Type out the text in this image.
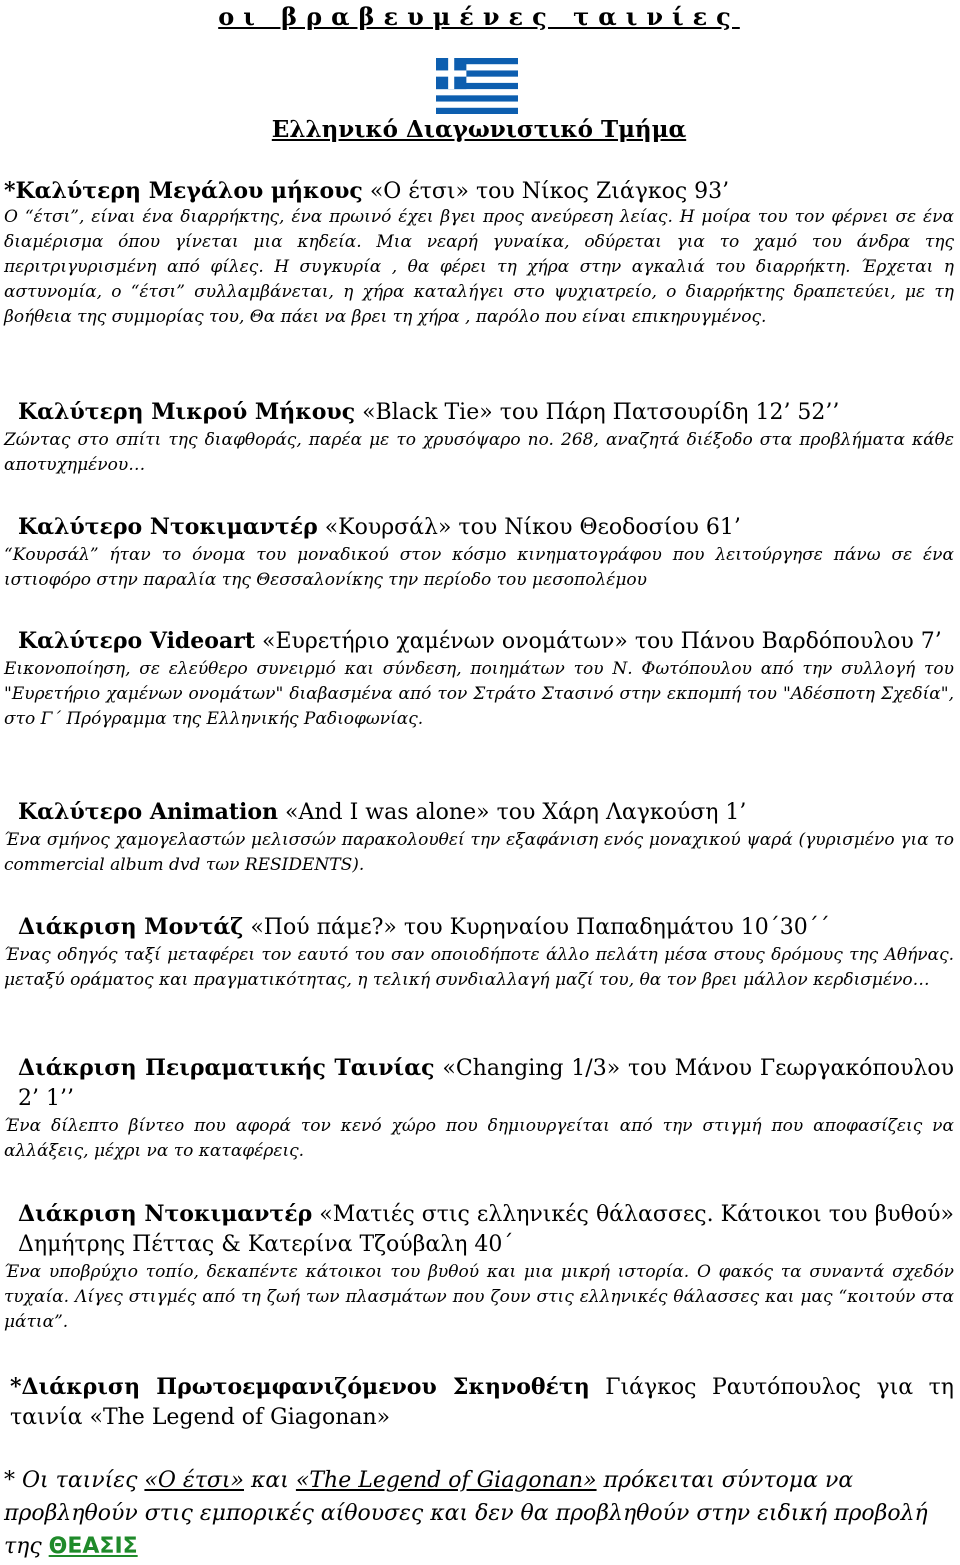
οι βραβευμένες ταινίες
Ελληνικό Διαγωνιστικό Τμήμα
*Καλύτερη Μεγάλου μήκους «Ο έτσι» του Νίκος Ζιάγκος 93’
Ο “έτσι”, είναι ένα διαρρήκτης, ένα πρωινό έχει βγει προς ανεύρεση λείας. Η μοίρα του τον φέρνει σε ένα διαμέρισμα όπου γίνεται μια κηδεία. Μια νεαρή γυναίκα, οδύρεται για το χαμό του άνδρα της περιτριγυρισμένη από φίλες. Η συγκυρία , θα φέρει τη χήρα στην αγκαλιά του διαρρήκτη. Έρχεται η αστυνομία, ο “έτσι” συλλαμβάνεται, η χήρα καταλήγει στο ψυχιατρείο, ο διαρρήκτης δραπετεύει, με τη βοήθεια της συμμορίας του, Θα πάει να βρει τη χήρα , παρόλο που είναι επικηρυγμένος.
Καλύτερη Μικρού Μήκους «Black Tie» του Πάρη Πατσουρίδη 12’ 52’’
Ζώντας στο σπίτι της διαφθοράς, παρέα με το χρυσόψαρο no. 268, αναζητά διέξοδο στα προβλήματα κάθε αποτυχημένου…
Καλύτερο Ντοκιμαντέρ «Κουρσάλ» του Νίκου Θεοδοσίου 61’
“Κουρσάλ” ήταν το όνομα του μοναδικού στον κόσμο κινηματογράφου που λειτούργησε πάνω σε ένα ιστιοφόρο στην παραλία της Θεσσαλονίκης την περίοδο του μεσοπολέμου
Καλύτερο Videoart «Ευρετήριο χαμένων ονομάτων» του Πάνου Βαρδόπουλου 7’
Εικονοποίηση, σε ελεύθερο συνειρμό και σύνδεση, ποιημάτων του Ν. Φωτόπουλου από την συλλογή του "Ευρετήριο χαμένων ονομάτων" διαβασμένα από τον Στράτο Στασινό στην εκπομπή του "Αδέσποτη Σχεδία", στο Γ΄ Πρόγραμμα της Ελληνικής Ραδιοφωνίας.
Καλύτερο Animation «And I was alone» του Χάρη Λαγκούση 1’
Ένα σμήνος χαμογελαστών μελισσών παρακολουθεί την εξαφάνιση ενός μοναχικού ψαρά (γυρισμένο για το commercial album dvd των RESIDENTS).
Διάκριση Μοντάζ «Πού πάμε?» του Κυρηναίου Παπαδημάτου 10΄30΄΄
Ένας οδηγός ταξί μεταφέρει τον εαυτό του σαν οποιοδήποτε άλλο πελάτη μέσα στους δρόμους της Αθήνας. μεταξύ οράματος και πραγματικότητας, η τελική συνδιαλλαγή μαζί του, θα τον βρει μάλλον κερδισμένο…
Διάκριση Πειραματικής Ταινίας «Changing 1/3» του Μάνου Γεωργακόπουλου 2’ 1’’
Ένα δίλεπτο βίντεο που αφορά τον κενό χώρο που δημιουργείται από την στιγμή που αποφασίζεις να αλλάξεις, μέχρι να το καταφέρεις.
Διάκριση Ντοκιμαντέρ «Ματιές στις ελληνικές θάλασσες. Κάτοικοι του βυθού» Δημήτρης Πέττας & Κατερίνα Τζούβαλη 40΄
Ένα υποβρύχιο τοπίο, δεκαπέντε κάτοικοι του βυθού και μια μικρή ιστορία. Ο φακός τα συναντά σχεδόν τυχαία. Λίγες στιγμές από τη ζωή των πλασμάτων που ζουν στις ελληνικές θάλασσες και μας “κοιτούν στα μάτια”.
*Διάκριση Πρωτοεμφανιζόμενου Σκηνοθέτη Γιάγκος Ραυτόπουλος για τη ταινία «The Legend of Giagonan»
* Οι ταινίες «Ο έτσι» και «The Legend of Giagonan» πρόκειται σύντομα να προβληθούν στις εμπορικές αίθουσες και δεν θα προβληθούν στην ειδική προβολή της ΘΕΑΣΙΣ
